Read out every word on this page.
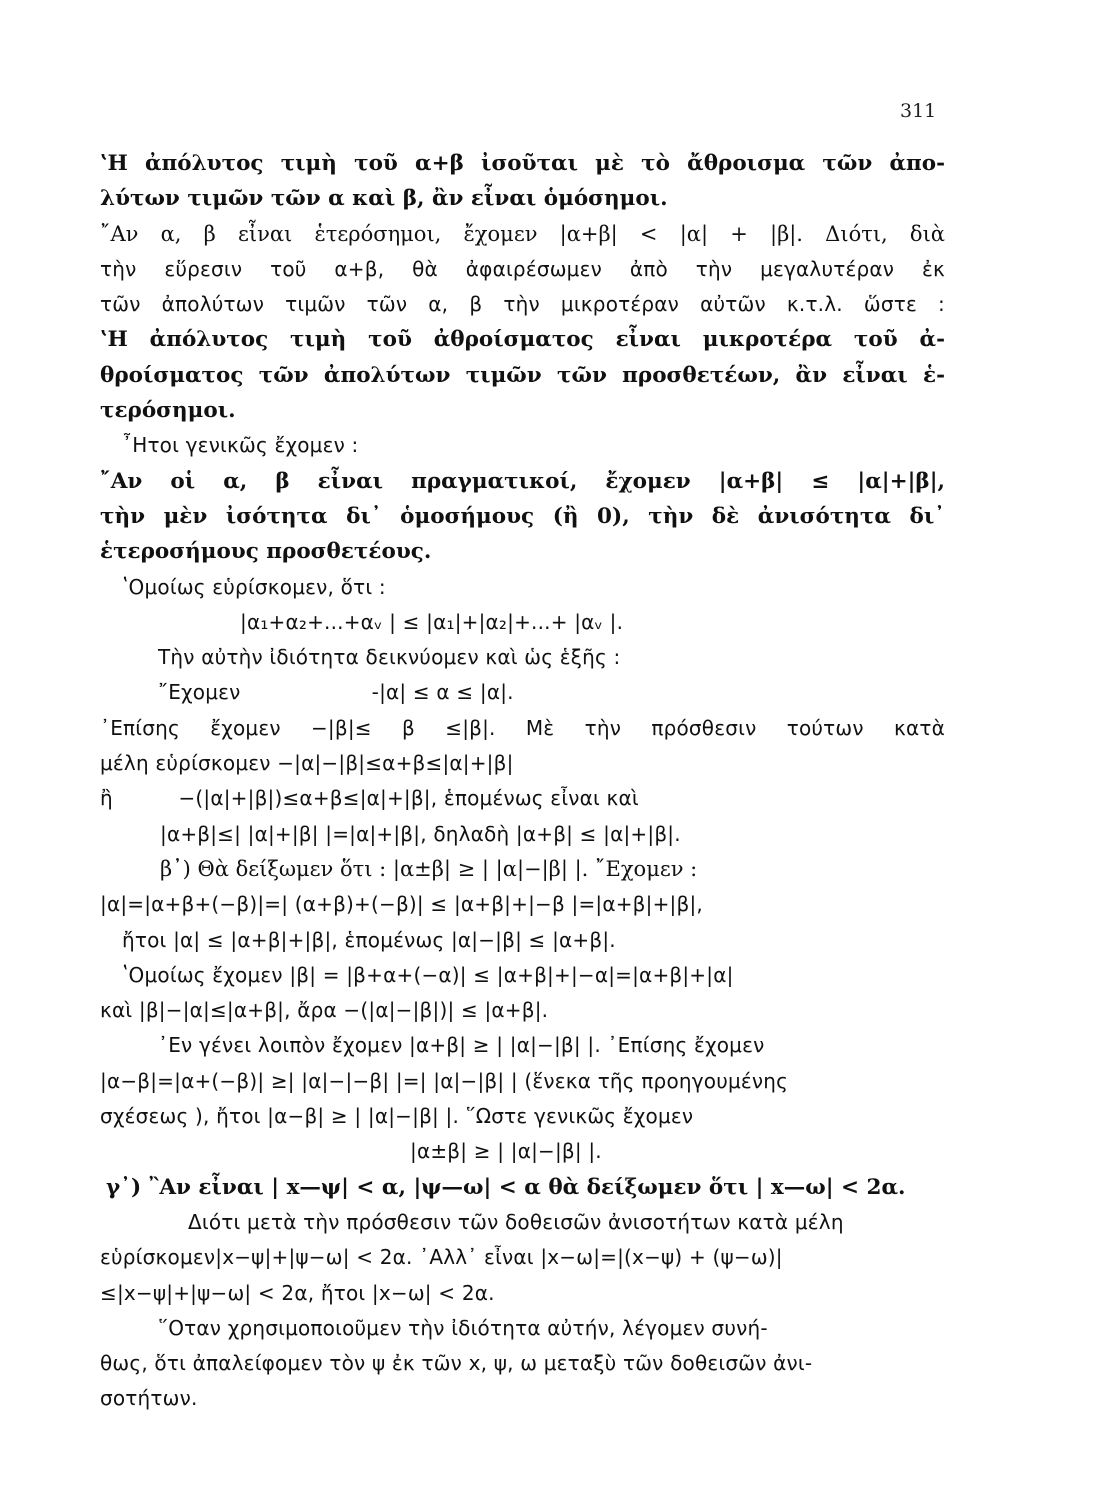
311
ʽΗ ἀπόλυτος τιμὴ τοῦ α+β ἰσοῦται μὲ τὸ ἄθροισμα τῶν ἀπο-
λύτων τιμῶν τῶν α καὶ β, ἂν εἶναι ὁμόσημοι.
῎Αν α, β εἶναι ἑτερόσημοι, ἔχομεν |α+β| < |α| + |β|. Διότι, διὰ
τὴν εὕρεσιν τοῦ α+β, θὰ ἀφαιρέσωμεν ἀπὸ τὴν μεγαλυτέραν ἐκ
τῶν ἀπολύτων τιμῶν τῶν α, β τὴν μικροτέραν αὐτῶν κ.τ.λ. ὥστε :
ʽΗ ἀπόλυτος τιμὴ τοῦ ἀθροίσματος εἶναι μικροτέρα τοῦ ἀ-
θροίσματος τῶν ἀπολύτων τιμῶν τῶν προσθετέων, ἂν εἶναι ἑ-
τερόσημοι.
῏Ητοι γενικῶς ἔχομεν :
῎Αν οἱ α, β εἶναι πραγματικοί, ἔχομεν |α+β| ≤ |α|+|β|,
τὴν μὲν ἰσότητα δι᾽ ὁμοσήμους (ἢ 0), τὴν δὲ ἀνισότητα δι᾽
ἑτεροσήμους προσθετέους.
ʽΟμοίως εὑρίσκομεν, ὅτι :
|α₁+α₂+...+αᵥ | ≤ |α₁|+|α₂|+...+ |αᵥ |.
Τὴν αὐτὴν ἰδιότητα δεικνύομεν καὶ ὡς ἑξῆς :
῎Εχομεν                    -|α| ≤ α ≤ |α|.
᾽Επίσης ἔχομεν −|β|≤ β ≤|β|. Μὲ τὴν πρόσθεσιν τούτων κατὰ
μέλη εὑρίσκομεν −|α|−|β|≤α+β≤|α|+|β|
ἢ          −(|α|+|β|)≤α+β≤|α|+|β|, ἑπομένως εἶναι καὶ
|α+β|≤| |α|+|β| |=|α|+|β|, δηλαδὴ |α+β| ≤ |α|+|β|.
β᾽) Θὰ δείξωμεν ὅτι : |α±β| ≥ | |α|−|β| |. ῎Εχομεν :
|α|=|α+β+(−β)|=| (α+β)+(−β)| ≤ |α+β|+|−β |=|α+β|+|β|,
ἤτοι |α| ≤ |α+β|+|β|, ἑπομένως |α|−|β| ≤ |α+β|.
ʽΟμοίως ἔχομεν |β| = |β+α+(−α)| ≤ |α+β|+|−α|=|α+β|+|α|
καὶ |β|−|α|≤|α+β|, ἄρα −(|α|−|β|)| ≤ |α+β|.
᾽Εν γένει λοιπὸν ἔχομεν |α+β| ≥ | |α|−|β| |. ᾽Επίσης ἔχομεν
|α−β|=|α+(−β)| ≥| |α|−|−β| |=| |α|−|β| | (ἕνεκα τῆς προηγουμένης
σχέσεως ), ἤτοι |α−β| ≥ | |α|−|β| |. ῞Ωστε γενικῶς ἔχομεν
|α±β| ≥ | |α|−|β| |.
γ᾽) ῍Αν εἶναι | x—ψ| < α, |ψ—ω| < α θὰ δείξωμεν ὅτι | x—ω| < 2α.
Διότι μετὰ τὴν πρόσθεσιν τῶν δοθεισῶν ἀνισοτήτων κατὰ μέλη
εὑρίσκομεν|x−ψ|+|ψ−ω| < 2α. ᾽Αλλ᾽ εἶναι |x−ω|=|(x−ψ) + (ψ−ω)|
≤|x−ψ|+|ψ−ω| < 2α, ἤτοι |x−ω| < 2α.
῞Οταν χρησιμοποιοῦμεν τὴν ἰδιότητα αὐτήν, λέγομεν συνή-
θως, ὅτι ἀπαλείφομεν τὸν ψ ἐκ τῶν x, ψ, ω μεταξὺ τῶν δοθεισῶν ἀνι-
σοτήτων.
